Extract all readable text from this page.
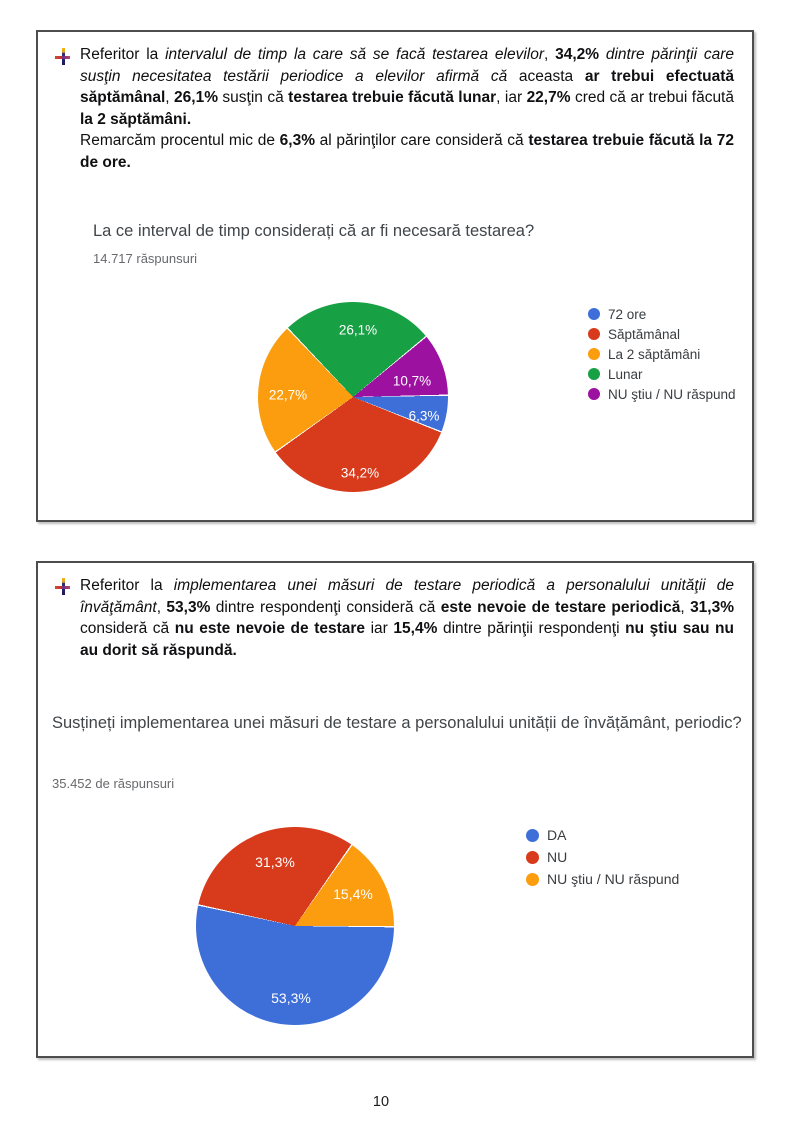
Referitor la intervalul de timp la care să se facă testarea elevilor, 34,2% dintre părinţii care susţin necesitatea testării periodice a elevilor afirmă că aceasta ar trebui efectuată săptămânal, 26,1% susţin că testarea trebuie făcută lunar, iar 22,7% cred că ar trebui făcută la 2 săptămâni.

Remarcăm procentul mic de 6,3% al părinţilor care consideră că testarea trebuie făcută la 72 de ore.

La ce interval de timp considerați că ar fi necesară testarea?
14.717 răspunsuri
26,1%
22,7%
10,7%
6,3%
34,2%
72 ore
Săptămânal
La 2 săptămâni
Lunar
NU ştiu / NU răspund

Referitor la implementarea unei măsuri de testare periodică a personalului unităţii de învăţământ, 53,3% dintre respondenţi consideră că este nevoie de testare periodică, 31,3% consideră că nu este nevoie de testare iar 15,4% dintre părinţii respondenţi nu ştiu sau nu au dorit să răspundă.

Susțineți implementarea unei măsuri de testare a personalului unității de învățământ, periodic?
35.452 de răspunsuri
31,3%
15,4%
53,3%
DA
NU
NU ştiu / NU răspund
10
